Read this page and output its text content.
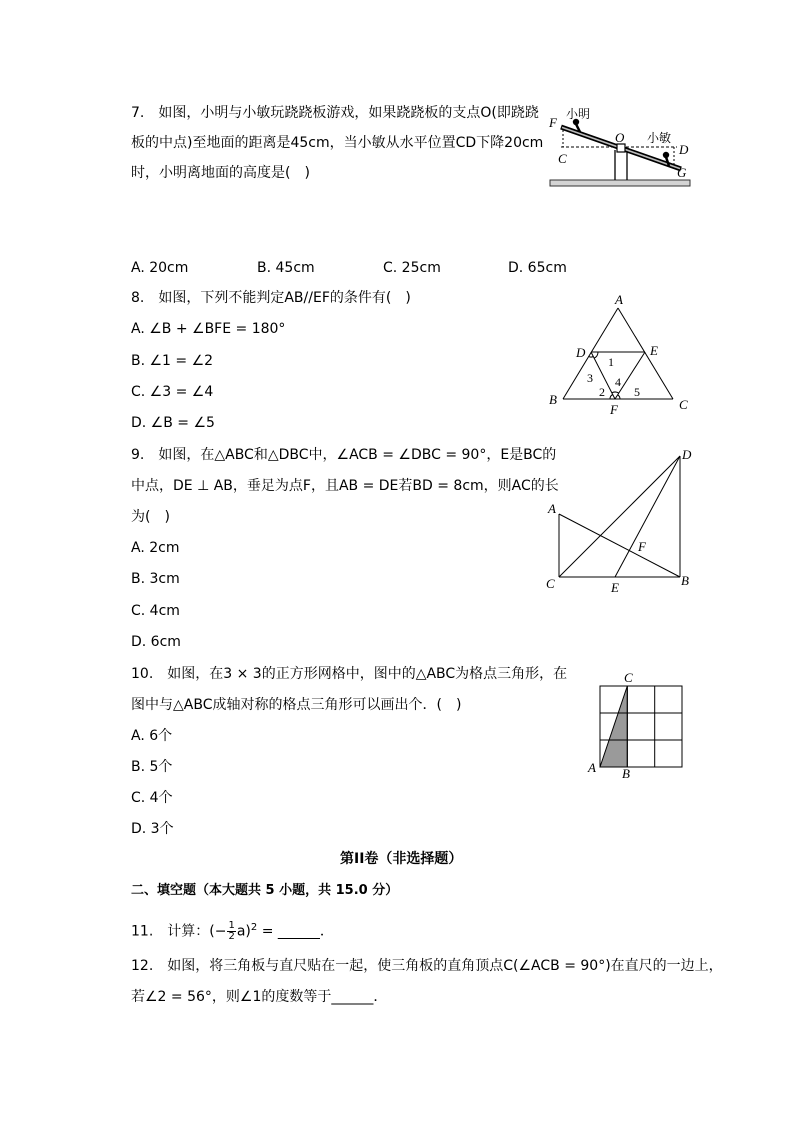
7.　如图，小明与小敏玩跷跷板游戏，如果跷跷板的支点O(即跷跷
板的中点)至地面的距离是45cm，当小敏从水平位置CD下降20cm
时，小明离地面的高度是(　)
A. 20cm	B. 45cm	C. 25cm	D. 65cm
小明
小敏
F
C
O
D
G
8.　如图，下列不能判定AB//EF的条件有(　)
A. ∠B + ∠BFE = 180°
B. ∠1 = ∠2
C. ∠3 = ∠4
D. ∠B = ∠5
A
B	C
D	E
F
1
3 4
2 5
9.　如图，在△ABC和△DBC中，∠ACB = ∠DBC = 90°，E是BC的
中点，DE ⊥ AB，垂足为点F，且AB = DE若BD = 8cm，则AC的长
为(　)
A. 2cm
B. 3cm
C. 4cm
D. 6cm
D
A
C	B
E
F
10.　如图，在3 × 3的正方形网格中，图中的△ABC为格点三角形，在
图中与△ABC成轴对称的格点三角形可以画出个．(　)
A. 6个
B. 5个
C. 4个
D. 3个
C
A B
第II卷（非选择题）
二、填空题（本大题共 5 小题，共 15.0 分）
11.　计算：(− $\frac{1}{2} a)^2$ = ______．
12.　如图，将三角板与直尺贴在一起，使三角板的直角顶点C(∠ACB = 90°)在直尺的一边上，
若∠2 = 56°，则∠1的度数等于______．
